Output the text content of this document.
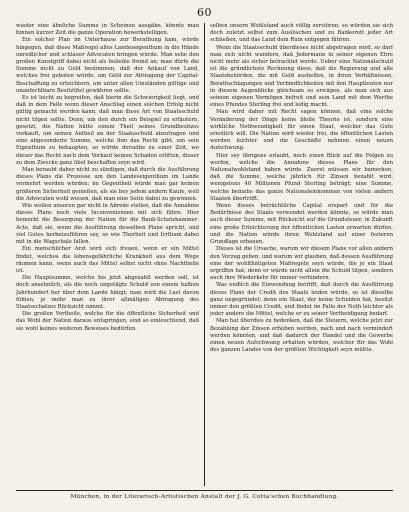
60

wieder eine ähnliche Summe in Scheinen ausgäbe, könnte man binnen kurzer Zeit die ganze Operation bewerkstelligen.

Ein solcher Plan im Unterhause zur Berathung kam, würde hingegen, daß diese Maßregel alles Landeseigenthum in die Hände unredlicher und schlauer Advocaten bringen würde. Man sehe den großen Kunstgriff dabei nicht als beileibe fremd an; man dürfe die Summe nicht zu Geld bestimmen, daß der Ankauf von Land, welches frei geboten würde, um Geld zur Abtragung der Capital-Beschaffung zu erleichtern, um unter allen Umständen gültige und unanfechtbare Besitztitel gewähren sollte.

Es ist leicht zu begreifen, daß hierin die Schwierigkeit liegt, und daß in dem Falle wenn dieser Anschlag einen solchen Erfolg nicht gültig gemacht werden kann, daß man diese Art von Staatsschuld nicht tilgen sollte. Denn, um den durch ein Beispiel zu erläutern, gesetzt, die Nation hätte einem Theil seines Grundbesitzes verkauft, um seinen Antheil an der Staatsschuld abzutragen und eine abgesonderte Summe, welche ihm das Recht gibt, um sein Eigenthum zu behaupten, so würde derselbe zu einer Zeit, wo dieser das Recht nach dem Verkauf keinen Schaden erlitten, dieser zu dem Zwecke ganz übel beschaffen seyn wird.

Man beraubt daher nicht zu sündigen, daß durch die Ausführung dieses Plans die Prozesse um den Landeseigenthum im Lande vermehrt werden würden; im Gegentheil würde man gar keinen größeren Sicherheit genießen, als sie bey jedem andern Kaufe, weil die Advocaten wohl wissen, daß man eine Seite dabei zu gewinnen.

Wie wollen unseren gar nicht in Abrede stellen, daß die Annahme dieses Plans noch viele Inconvenienzen mit sich führe. Hier bemerkt die Besorgung der Nation für die Bank-Schatzkammer-Acte, daß sie, wenn die Ausführung desselben Plane spricht, und viel Gutes herbeizuführen sey, so wie Thorheit und Irrthum dabei mit in die Wagschale fallen.

Ein menschlicher Arzt wird sich freuen, wenn er ein Mittel findet, welches die lebensgefährliche Krankheit aus dem Wege räumen kann, wenn auch das Mittel selbst nicht ohne Nachtheile ist.

Die Hauptsumme, welche bis jetzt abgezahlt werden soll, ist doch ansehnlich, als die noch ungetilgte Schuld von einem halben Jahrhundert her über dem Lande hängt; man wird die Last davon fühlen, je mehr man zu ihrer allmäligen Abtragung des Staatsschatzes Rücksicht nimmt.

Die großen Vortheile, welche für die öffentliche Sicherheit und das Wohl der Nation daraus entspringen, sind so einleuchtend, daß sie wohl keines weiteren Beweises bedürfen.

selben unsern Wohlstand auch völlig zerstören, so würden sie sich doch zuletzt selbst zum Auslöschen und zu Bankerott jeder Art schließen, und das Land dem Ruin entgegen führen.

Wenn die Staatsschuld überdieses nicht abgetragen wird, so darf man sich nicht wundern, daß Jedermann in seiner eigenen Ehre nicht mehr als sicher betrachtet werde. Ueber eine Nationalschuld ist die gründlichste Rechnung diese, daß die Regierung und alle Staatsbehörden, die mit Geld aushelfen, in ihren Verhältnissen, Berathschlagungen und Verbindlichkeiten mit den Hauptleuten nur in diesem Augenblicke gleichsam so erwägen, als man sich aus seinem eigenen Vermögen befreit und sein Land mit dem Werthe eines Pfundes Sterling frei und ledig macht.

Man wird daher mit Recht sagen können, daß eine solche Veränderung der Dinge keine bloße Theorie ist, sondern eine wirkliche Nothwendigkeit für einen Staat, welcher das Gute ernstlich will. Die Nation wird wieder frei, die öffentlichen Lasten werden leichter und die Geschäfte nehmen einen neuen Aufschwung.

Hier sey übrigens erlaubt, noch einen Blick auf die Folgen zu werfen, welche die Annahme dieses Plans für den Nationalwohlstand haben würde. Zuerst müssen wir bemerken, daß die Summe, welche jährlich für Zinsen bezahlt wird, wenigstens 40 Millionen Pfund Sterling beträgt; eine Summe, welche beinahe das ganze Nationaleinkommen von vielen andern Staaten übertrifft.

Wenn dieses beträchtliche Capital erspart und für die Bedürfnisse des Staats verwendet werden könnte, so würde man auch dieser Summe, mit Rücksicht auf die Grundsteuer, in Zukunft eine große Erleichterung der öffentlichen Lasten erwarten dürfen, und die Nation würde ihren Wohlstand auf einer festeren Grundlage erbauen.

Dieses ist die Ursache, warum wir diesem Plane vor allen andern den Vorzug geben, und warum wir glauben, daß dessen Ausführung eine der wohlthätigsten Maßregeln seyn würde, die je ein Staat ergriffen hat; denn er würde nicht allein die Schuld tilgen, sondern auch ihre Wiederkehr für immer verhindern.

Was endlich die Einwendung betrifft, daß durch die Ausführung dieses Plans der Credit des Staats leiden würde, so ist dieselbe ganz ungegründet; denn ein Staat, der keine Schulden hat, besitzt immer den größten Credit, und findet im Falle der Noth leichter als jeder andere die Mittel, welche er zu seiner Vertheidigung bedarf.

Man hat überdies zu bedenken, daß die Steuern, welche jetzt zur Bezahlung der Zinsen erhoben werden, nach und nach vermindert werden könnten, und daß dadurch der Handel und die Gewerbe einen neuen Aufschwung erhalten würden, welcher für das Wohl des ganzen Landes von der größten Wichtigkeit seyn müßte.

München, in der Literarisch-Artistischen Anstalt der J. G. Cotta'schen Buchhandlung.
